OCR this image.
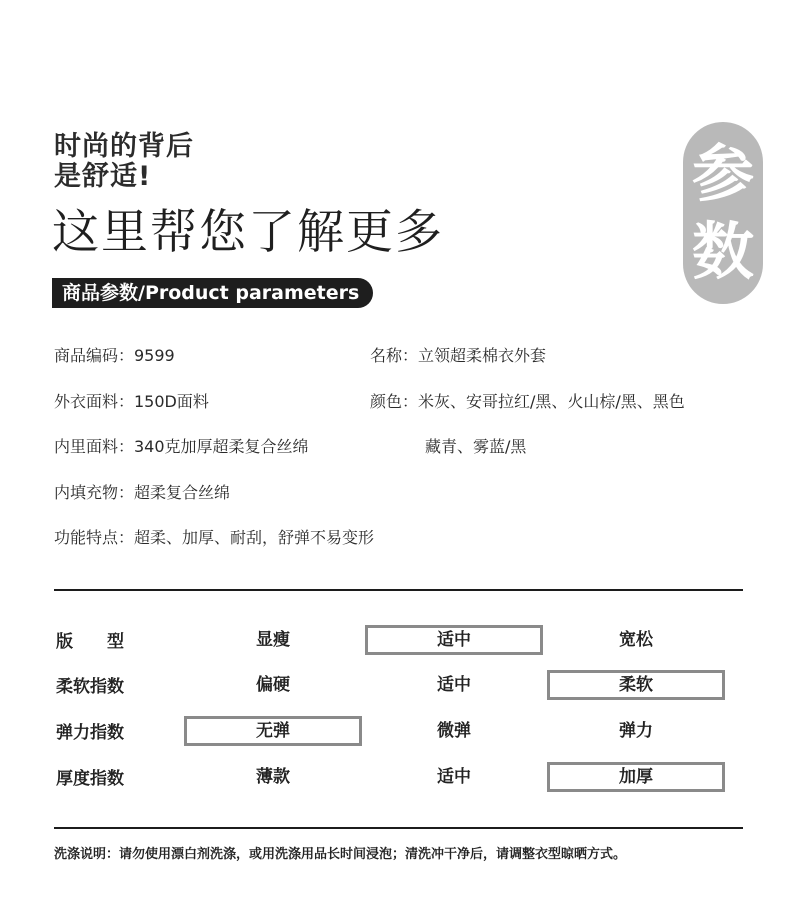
时尚的背后
是舒适!
这里帮您了解更多
商品参数/Product parameters
参
数
商品编码：9599	名称：立领超柔棉衣外套
外衣面料：150D面料	颜色：米灰、安哥拉红/黑、火山棕/黑、黑色
内里面料：340克加厚超柔复合丝绵	藏青、雾蓝/黑
内填充物：超柔复合丝绵
功能特点：超柔、加厚、耐刮，舒弹不易变形
版　　型	显瘦	适中	宽松
柔软指数	偏硬	适中	柔软
弹力指数	无弹	微弹	弹力
厚度指数	薄款	适中	加厚
洗涤说明：请勿使用漂白剂洗涤，或用洗涤用品长时间浸泡；清洗冲干净后，请调整衣型晾晒方式。
